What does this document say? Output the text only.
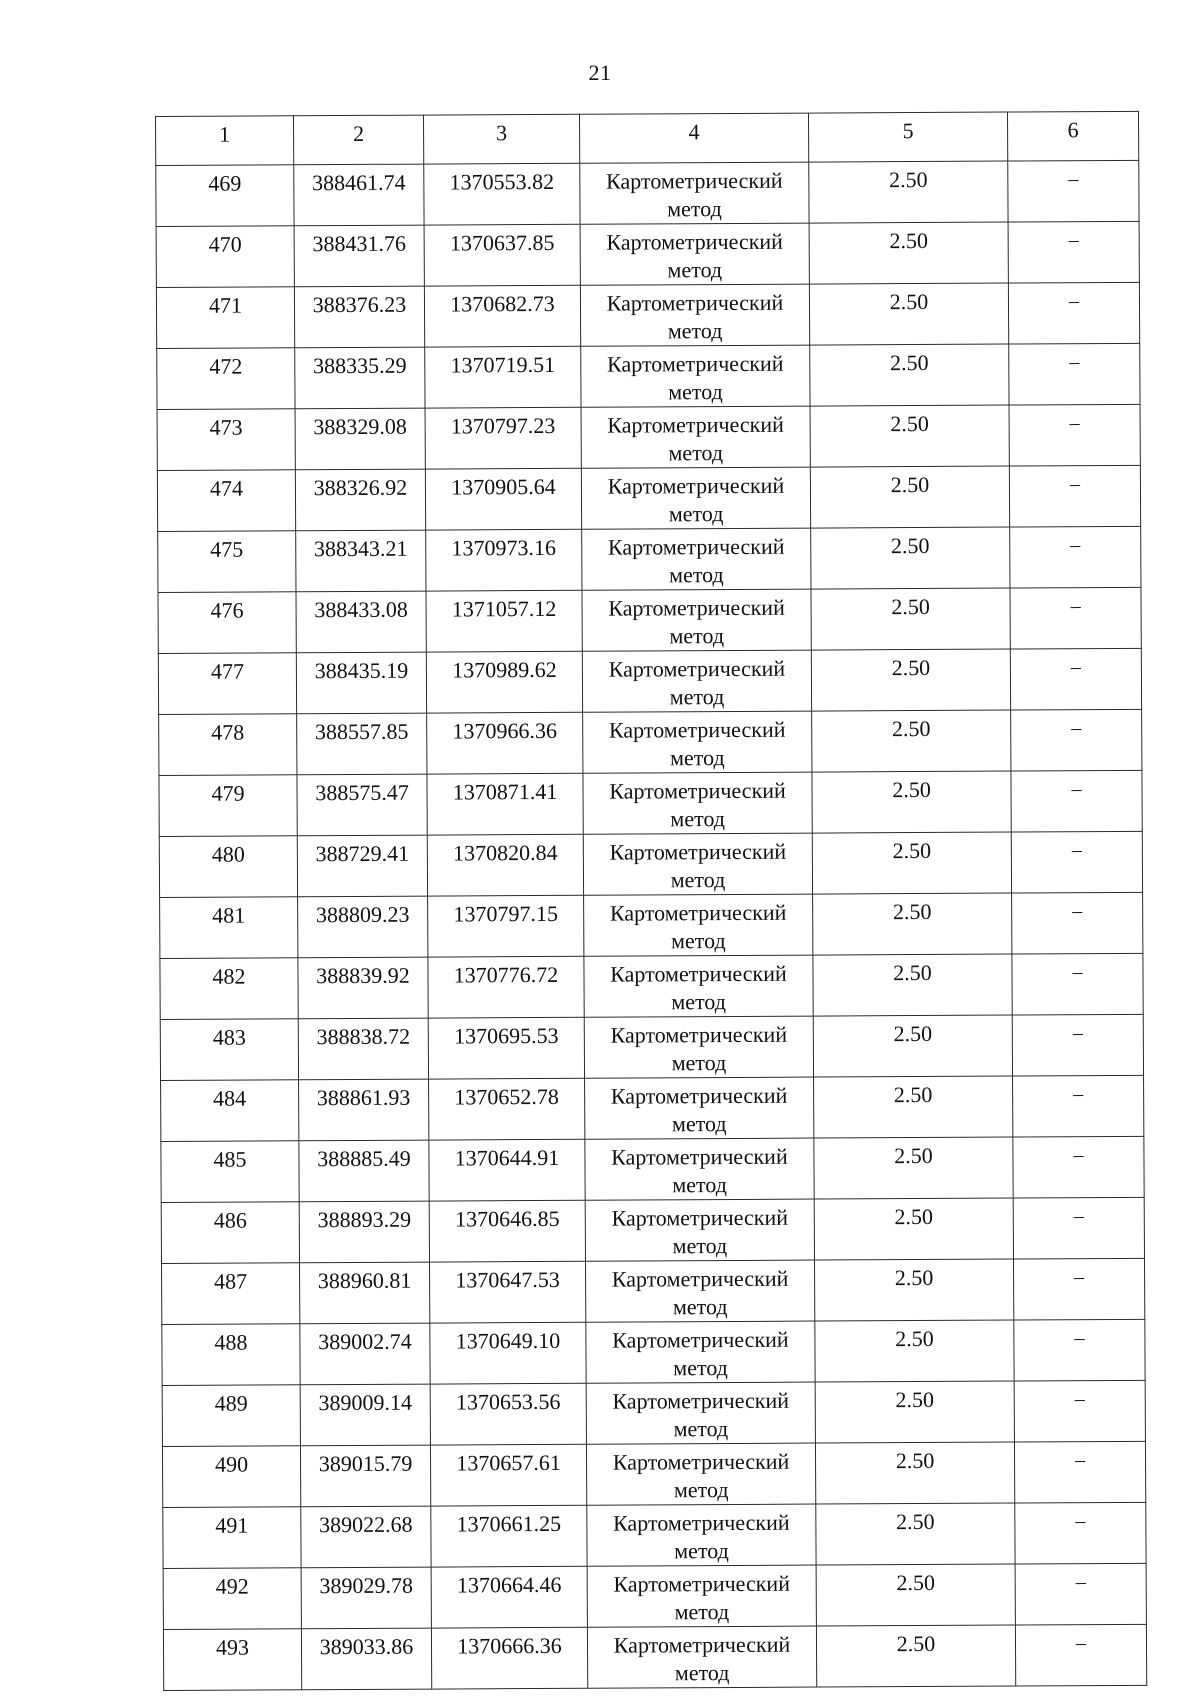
21
1	2	3	4	5	6
469	388461.74	1370553.82	Картометрический метод	2.50	–
470	388431.76	1370637.85	Картометрический метод	2.50	–
471	388376.23	1370682.73	Картометрический метод	2.50	–
472	388335.29	1370719.51	Картометрический метод	2.50	–
473	388329.08	1370797.23	Картометрический метод	2.50	–
474	388326.92	1370905.64	Картометрический метод	2.50	–
475	388343.21	1370973.16	Картометрический метод	2.50	–
476	388433.08	1371057.12	Картометрический метод	2.50	–
477	388435.19	1370989.62	Картометрический метод	2.50	–
478	388557.85	1370966.36	Картометрический метод	2.50	–
479	388575.47	1370871.41	Картометрический метод	2.50	–
480	388729.41	1370820.84	Картометрический метод	2.50	–
481	388809.23	1370797.15	Картометрический метод	2.50	–
482	388839.92	1370776.72	Картометрический метод	2.50	–
483	388838.72	1370695.53	Картометрический метод	2.50	–
484	388861.93	1370652.78	Картометрический метод	2.50	–
485	388885.49	1370644.91	Картометрический метод	2.50	–
486	388893.29	1370646.85	Картометрический метод	2.50	–
487	388960.81	1370647.53	Картометрический метод	2.50	–
488	389002.74	1370649.10	Картометрический метод	2.50	–
489	389009.14	1370653.56	Картометрический метод	2.50	–
490	389015.79	1370657.61	Картометрический метод	2.50	–
491	389022.68	1370661.25	Картометрический метод	2.50	–
492	389029.78	1370664.46	Картометрический метод	2.50	–
493	389033.86	1370666.36	Картометрический метод	2.50	–
